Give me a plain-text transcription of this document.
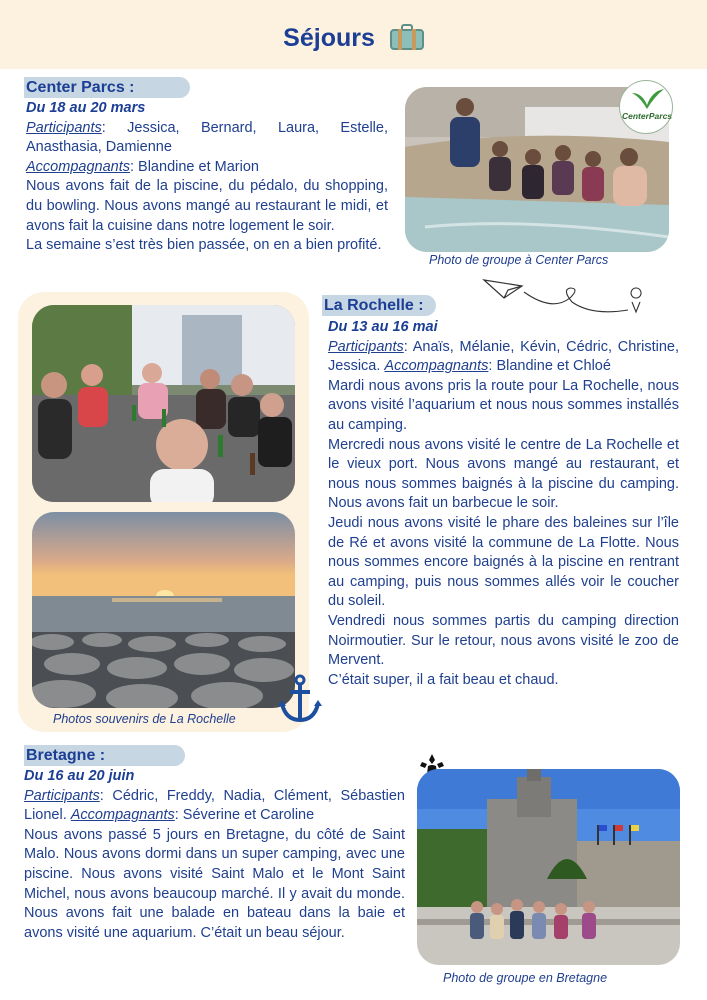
Séjours
Center Parcs :

Du 18 au 20 mars

Participants: Jessica, Bernard, Laura, Estelle, Anasthasia, Damienne

Accompagnants: Blandine et Marion

Nous avons fait de la piscine, du pédalo, du shopping, du bowling. Nous avons mangé au restaurant le midi, et avons fait la cuisine dans notre logement le soir.

La semaine s’est très bien passée, on en a bien profité.

CenterParcs
Photo de groupe à Center Parcs
Photos souvenirs de La Rochelle
La Rochelle :

Du 13 au 16 mai

Participants: Anaïs, Mélanie, Kévin, Cédric, Christine, Jessica. Accompagnants: Blandine et Chloé

Mardi nous avons pris la route pour La Rochelle, nous avons visité l’aquarium et nous nous sommes installés au camping.

Mercredi nous avons visité le centre de La Rochelle et le vieux port. Nous avons mangé au restaurant, et nous nous sommes baignés à la piscine du camping. Nous avons fait un barbecue le soir.

Jeudi nous avons visité le phare des baleines sur l’île de Ré et avons visité la commune de La Flotte. Nous nous sommes encore baignés à la piscine en rentrant au camping, puis nous sommes allés voir le coucher du soleil.

Vendredi nous sommes partis du camping direction Noirmoutier. Sur le retour, nous avons visité le zoo de Mervent.

C’était super, il a fait beau et chaud.

Bretagne :

Du 16 au 20 juin

Participants: Cédric, Freddy, Nadia, Clément, Sébastien Lionel. Accompagnants: Séverine et Caroline

Nous avons passé 5 jours en Bretagne, du côté de Saint Malo. Nous avons dormi dans un super camping, avec une piscine. Nous avons visité Saint Malo et le Mont Saint Michel, nous avons beaucoup marché. Il y avait du monde. Nous avons fait une balade en bateau dans la baie et avons visité une aquarium. C’était un beau séjour.

Photo de groupe en Bretagne
